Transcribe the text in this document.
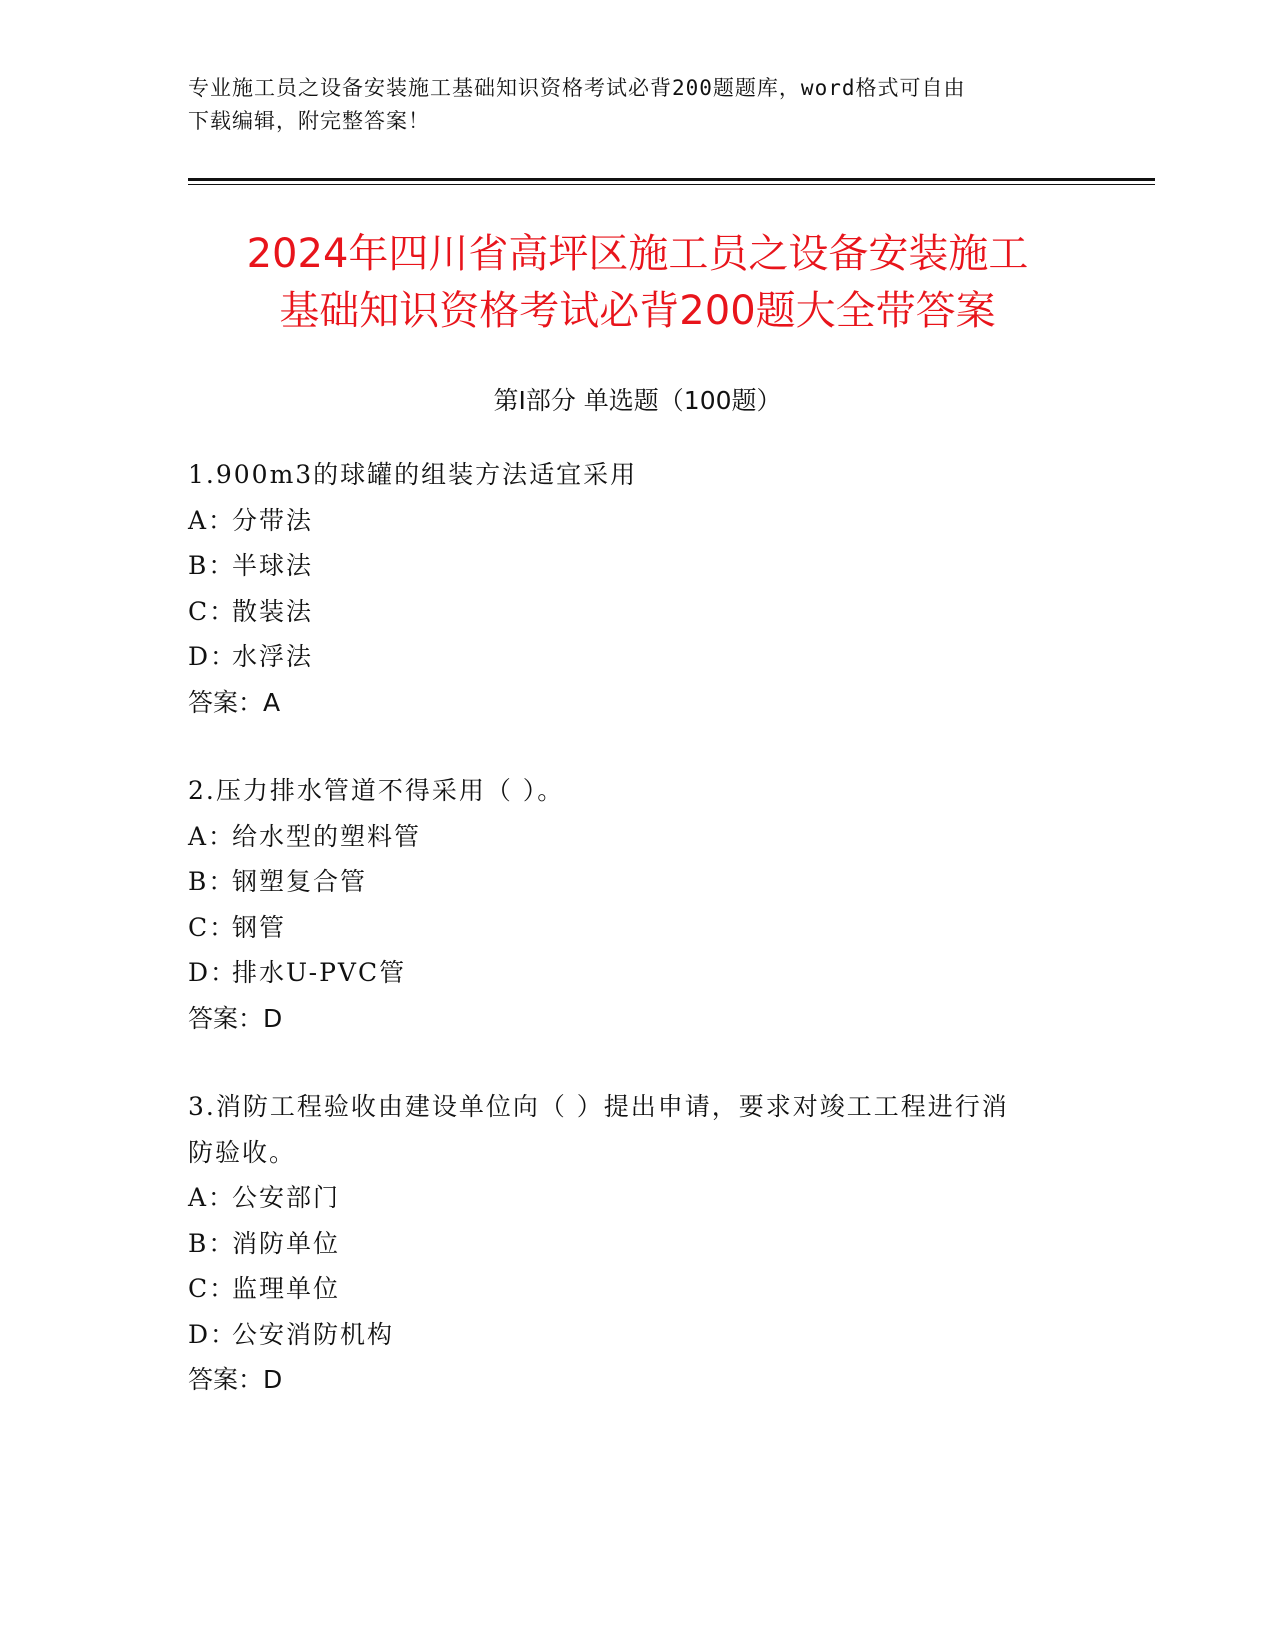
专业施工员之设备安装施工基础知识资格考试必背200题题库，word格式可自由
下载编辑，附完整答案！
2024年四川省高坪区施工员之设备安装施工
基础知识资格考试必背200题大全带答案
第Ⅰ部分 单选题（100题）
1.900m3的球罐的组装方法适宜采用
A：分带法
B：半球法
C：散装法
D：水浮法
答案：A
2.压力排水管道不得采用（ ）。
A：给水型的塑料管
B：钢塑复合管
C：钢管
D：排水U-PVC管
答案：D
3.消防工程验收由建设单位向（ ）提出申请，要求对竣工工程进行消
防验收。
A：公安部门
B：消防单位
C：监理单位
D：公安消防机构
答案：D
